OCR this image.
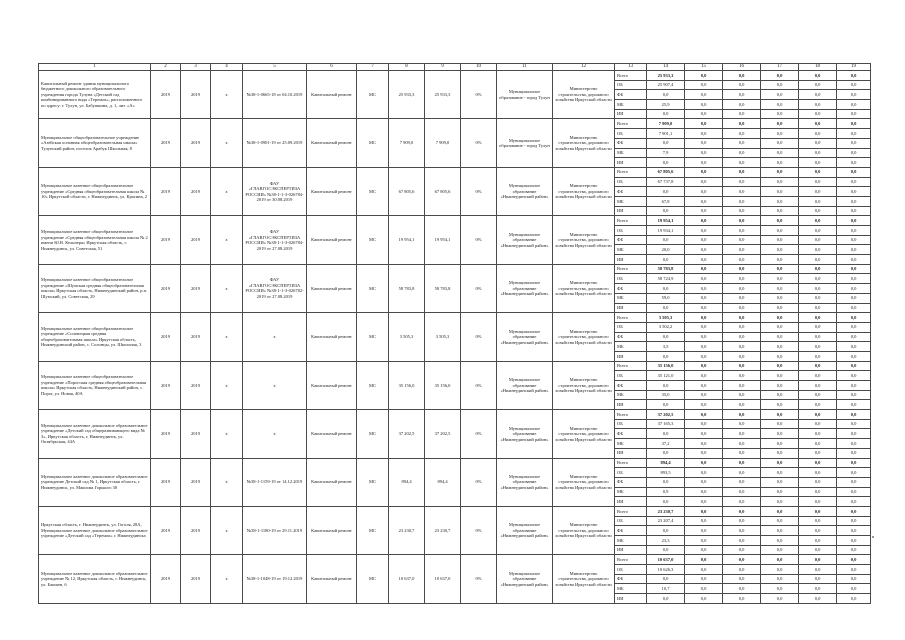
1	2	3	4	5	6	7	8	9	10	11	12	13	14	15	16	17	18	19
Капитальный ремонт здания муниципального бюджетного дошкольного образовательного учреждения города Тулуна «Детский сад комбинированного вида «Теремок», расположенного по адресу: г. Тулун, ул. Бабушкина, д. 1, лит. «А»	2019	2019	х	№38-1-0665-18 от 04.10.2019	Капитальный ремонт	МС	25 933,3	25 933,3	0%	Муниципальное образование - город Тулун	Министерство строительства, дорожного хозяйства Иркутской области	Всего	25 933,3	0,0	0,0	0,0	0,0	0,0
												ОБ	25 907,4	0,0	0,0	0,0	0,0	0,0
												ФБ	0,0	0,0	0,0	0,0	0,0	0,0
												МБ	25,9	0,0	0,0	0,0	0,0	0,0
												ИИ	0,0	0,0	0,0	0,0	0,0	0,0
Муниципальное общеобразовательное учреждение «Азейская основная общеобразовательная школа» Тулунский район, поселок Арабук Школьная, 8	2019	2019	х	№38-1-0901-19 от 25.09.2019	Капитальный ремонт	МС	7 909,0	7 909,0	0%	Муниципальное образование - город Тулун	Министерство строительства, дорожного хозяйства Иркутской области	Всего	7 909,0	0,0	0,0	0,0	0,0	0,0
												ОБ	7 901,1	0,0	0,0	0,0	0,0	0,0
												ФБ	0,0	0,0	0,0	0,0	0,0	0,0
												МБ	7,9	0,0	0,0	0,0	0,0	0,0
												ИИ	0,0	0,0	0,0	0,0	0,0	0,0
Муниципальное казенное общеобразовательное учреждение «Средняя общеобразовательная школа № 10» Иркутской области, г. Нижнеудинск, ул. Красина, 2	2019	2019	х	ФАУ «ГЛАВГОСЭКСПЕРТИЗА РОССИИ» №38-1-1-3-026784-2019 от 30.08.2019	Капитальный ремонт	МС	67 805,6	67 805,6	0%	Муниципальное образование «Нижнеудинский район»	Министерство строительства, дорожного хозяйства Иркутской области	Всего	67 805,6	0,0	0,0	0,0	0,0	0,0
												ОБ	67 737,8	0,0	0,0	0,0	0,0	0,0
												ФБ	0,0	0,0	0,0	0,0	0,0	0,0
												МБ	67,8	0,0	0,0	0,0	0,0	0,0
												ИИ	0,0	0,0	0,0	0,0	0,0	0,0
Муниципальное казенное общеобразовательное учреждение «Средняя общеобразовательная школа № 2 имени Ю.В. Кельнера» Иркутская область, г. Нижнеудинск, ул. Советская, 51	2019	2019	х	ФАУ «ГЛАВГОСЭКСПЕРТИЗА РОССИИ» №38-1-1-3-026784-2019 от 27.08.2019	Капитальный ремонт	МС	19 954,1	19 954,1	0%	Муниципальное образование «Нижнеудинский район»	Министерство строительства, дорожного хозяйства Иркутской области	Всего	19 954,1	0,0	0,0	0,0	0,0	0,0
												ОБ	19 934,1	0,0	0,0	0,0	0,0	0,0
												ФБ	0,0	0,0	0,0	0,0	0,0	0,0
												МБ	20,0	0,0	0,0	0,0	0,0	0,0
												ИИ	0,0	0,0	0,0	0,0	0,0	0,0
Муниципальное казенное общеобразовательное учреждение «Шумская средняя общеобразовательная школа» Иркутская область, Нижнеудинский район, р.п. Шумский, ул. Советская, 29	2019	2019	х	ФАУ «ГЛАВГОСЭКСПЕРТИЗА РОССИИ» №38-1-1-3-026782-2019 от 27.08.2019	Капитальный ремонт	МС	58 783,8	58 783,8	0%	Муниципальное образование «Нижнеудинский район»	Министерство строительства, дорожного хозяйства Иркутской области	Всего	58 783,8	0,0	0,0	0,0	0,0	0,0
												ОБ	58 724,9	0,0	0,0	0,0	0,0	0,0
												ФБ	0,0	0,0	0,0	0,0	0,0	0,0
												МБ	59,0	0,0	0,0	0,0	0,0	0,0
												ИИ	0,0	0,0	0,0	0,0	0,0	0,0
Муниципальное казенное общеобразовательное учреждение «Солонецкая средняя общеобразовательная школа» Иркутская область, Нижнеудинский район, с. Солонцы, ул. Школьная, 3	2019	2019	х	х	Капитальный ремонт	МС	3 505,3	3 505,3	0%	Муниципальное образование «Нижнеудинский район»	Министерство строительства, дорожного хозяйства Иркутской области	Всего	3 505,3	0,0	0,0	0,0	0,0	0,0
												ОБ	3 502,2	0,0	0,0	0,0	0,0	0,0
												ФБ	0,0	0,0	0,0	0,0	0,0	0,0
												МБ	3,5	0,0	0,0	0,0	0,0	0,0
												ИИ	0,0	0,0	0,0	0,0	0,0	0,0
Муниципальное казенное общеобразовательное учреждение «Порогская средняя общеобразовательная школа» Иркутская область, Нижнеудинский район, с. Порог, ул. Новая, 40А	2019	2019	х	х	Капитальный ремонт	МС	35 156,0	35 156,0	0%	Муниципальное образование «Нижнеудинский район»	Министерство строительства, дорожного хозяйства Иркутской области	Всего	35 156,0	0,0	0,0	0,0	0,0	0,0
												ОБ	35 121,0	0,0	0,0	0,0	0,0	0,0
												ФБ	0,0	0,0	0,0	0,0	0,0	0,0
												МБ	35,0	0,0	0,0	0,0	0,0	0,0
												ИИ	0,0	0,0	0,0	0,0	0,0	0,0
Муниципальное казенное дошкольное образовательное учреждение «Детский сад общеразвивающего вида № 3», Иркутская область, г. Нижнеудинск, ул. Октябрьская, 44А	2019	2019	х	х	Капитальный ремонт	МС	37 202,5	37 202,5	0%	Муниципальное образование «Нижнеудинский район»	Министерство строительства, дорожного хозяйства Иркутской области	Всего	37 202,5	0,0	0,0	0,0	0,0	0,0
												ОБ	37 165,3	0,0	0,0	0,0	0,0	0,0
												ФБ	0,0	0,0	0,0	0,0	0,0	0,0
												МБ	37,2	0,0	0,0	0,0	0,0	0,0
												ИИ	0,0	0,0	0,0	0,0	0,0	0,0
Муниципальное казенное дошкольное образовательное учреждение Детский сад № 1, Иркутская область, г. Нижнеудинск, ул. Максима Горького 30	2019	2019	х	№38-1-1159-19 от 14.12.2019	Капитальный ремонт	МС	894,4	894,4	0%	Муниципальное образование «Нижнеудинский район»	Министерство строительства, дорожного хозяйства Иркутской области	Всего	894,4	0,0	0,0	0,0	0,0	0,0
												ОБ	893,5	0,0	0,0	0,0	0,0	0,0
												ФБ	0,0	0,0	0,0	0,0	0,0	0,0
												МБ	0,9	0,0	0,0	0,0	0,0	0,0
												ИИ	0,0	0,0	0,0	0,0	0,0	0,0
Иркутская область, г. Нижнеудинск, ул. Гоголя, 28А, Муниципальное казенное дошкольное образовательное учреждение «Детский сад «Теремок» г. Нижнеудинска	2019	2019	х	№38-1-1180-19 от 29.11.2019	Капитальный ремонт	МС	23 230,7	23 230,7	0%	Муниципальное образование «Нижнеудинский район»	Министерство строительства, дорожного хозяйства Иркутской области	Всего	23 230,7	0,0	0,0	0,0	0,0	0,0
												ОБ	23 207,4	0,0	0,0	0,0	0,0	0,0
												ФБ	0,0	0,0	0,0	0,0	0,0	0,0
												МБ	23,3	0,0	0,0	0,0	0,0	0,0
												ИИ	0,0	0,0	0,0	0,0	0,0	0,0
Муниципальное казенное дошкольное образовательное учреждение № 12, Иркутская область, г. Нижнеудинск, ул. Баишев, 6	2019	2019	х	№38-1-1048-19 от 19.12.2019	Капитальный ремонт	МС	10 637,0	10 637,0	0%	Муниципальное образование «Нижнеудинский район»	Министерство строительства, дорожного хозяйства Иркутской области	Всего	10 637,0	0,0	0,0	0,0	0,0	0,0
												ОБ	10 626,3	0,0	0,0	0,0	0,0	0,0
												ФБ	0,0	0,0	0,0	0,0	0,0	0,0
												МБ	10,7	0,0	0,0	0,0	0,0	0,0
												ИИ	0,0	0,0	0,0	0,0	0,0	0,0
